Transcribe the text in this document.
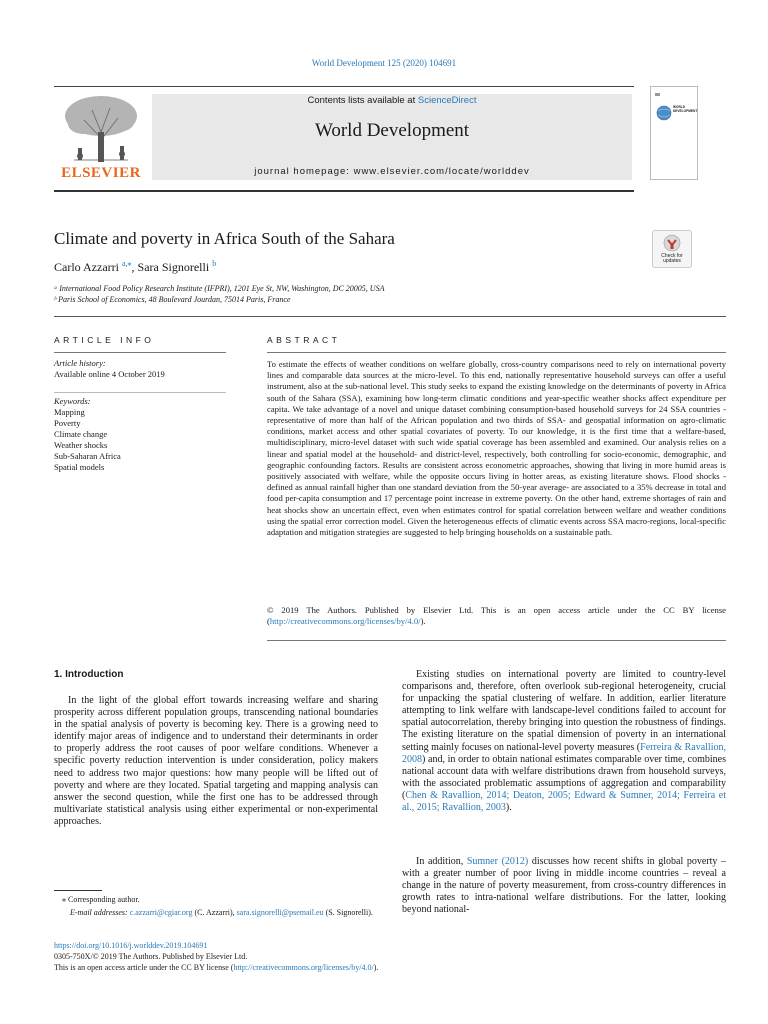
World Development 125 (2020) 104691
ELSEVIER
Contents lists available at ScienceDirect
World Development
journal homepage: www.elsevier.com/locate/worlddev
WORLD DEVELOPMENT
Climate and poverty in Africa South of the Sahara
Check for updates
Carlo Azzarri $^{a,⁎}$, Sara Signorelli $^b$
ᵃ International Food Policy Research Institute (IFPRI), 1201 Eye St, NW, Washington, DC 20005, USA
ᵇ Paris School of Economics, 48 Boulevard Jourdan, 75014 Paris, France
ARTICLE INFO	ABSTRACT
Article history:
Available online 4 October 2019
Keywords:
Mapping
Poverty
Climate change
Weather shocks
Sub-Saharan Africa
Spatial models
To estimate the effects of weather conditions on welfare globally, cross-country comparisons need to rely on international poverty lines and comparable data sources at the micro-level. To this end, nationally representative household surveys can offer a useful instrument, also at the sub-national level. This study seeks to expand the existing knowledge on the determinants of poverty in Africa south of the Sahara (SSA), examining how long-term climatic conditions and year-specific weather shocks affect expenditure per capita. We take advantage of a novel and unique dataset combining consumption-based household surveys for 24 SSA countries -representative of more than half of the African population and two thirds of SSA- and geospatial information on agro-climatic conditions, market access and other spatial covariates of poverty. To our knowledge, it is the first time that a welfare-based, multidisciplinary, micro-level dataset with such wide spatial coverage has been assembled and examined. Our analysis relies on a linear and spatial model at the household- and district-level, respectively, both controlling for socio-economic, demographic, and geographic confounding factors. Results are consistent across econometric approaches, showing that living in more humid areas is positively associated with welfare, while the opposite occurs living in hotter areas, as existing literature shows. Flood shocks -defined as annual rainfall higher than one standard deviation from the 50-year average- are associated to a 35% decrease in total and food per-capita consumption and 17 percentage point increase in extreme poverty. On the other hand, extreme shortages of rain and heat shocks show an uncertain effect, even when estimates control for spatial correlation between welfare and weather conditions using the spatial error correction model. Given the heterogeneous effects of climatic events across SSA macro-regions, local-specific adaptation and mitigation strategies are suggested to help bringing households on a sustainable path.
© 2019 The Authors. Published by Elsevier Ltd. This is an open access article under the CC BY license (http://creativecommons.org/licenses/by/4.0/).
1. Introduction
In the light of the global effort towards increasing welfare and sharing prosperity across different population groups, transcending national boundaries in the spatial analysis of poverty is becoming key. There is a growing need to identify major areas of indigence and to understand their determinants in order to properly address the root causes of poor welfare conditions. Whenever a specific poverty reduction intervention is under consideration, policy makers need to address two major questions: how many people will be lifted out of poverty and where are they located. Spatial targeting and mapping analysis can answer the second question, while the first one has to be addressed through multivariate statistical analysis using either experimental or non-experimental approaches.
Existing studies on international poverty are limited to country-level comparisons and, therefore, often overlook sub-regional heterogeneity, crucial for unpacking the spatial clustering of welfare. In addition, earlier literature attempting to link welfare with landscape-level conditions failed to account for spatial autocorrelation, thereby bringing into question the robustness of findings. The existing literature on the spatial dimension of poverty in an international setting mainly focuses on national-level poverty measures (Ferreira & Ravallion, 2008) and, in order to obtain national estimates comparable over time, combines national account data with welfare distributions drawn from household surveys, with the associated problematic assumptions of aggregation and comparability (Chen & Ravallion, 2014; Deaton, 2005; Edward & Sumner, 2014; Ferreira et al., 2015; Ravallion, 2003).
In addition, Sumner (2012) discusses how recent shifts in global poverty – with a greater number of poor living in middle income countries – reveal a change in the nature of poverty measurement, from cross-country differences in growth rates to intra-national welfare distributions. For the latter, looking beyond national-
⁎ Corresponding author.
E-mail addresses: c.azzarri@cgiar.org (C. Azzarri), sara.signorelli@psemail.eu (S. Signorelli).
https://doi.org/10.1016/j.worlddev.2019.104691
0305-750X/© 2019 The Authors. Published by Elsevier Ltd.
This is an open access article under the CC BY license (http://creativecommons.org/licenses/by/4.0/).
